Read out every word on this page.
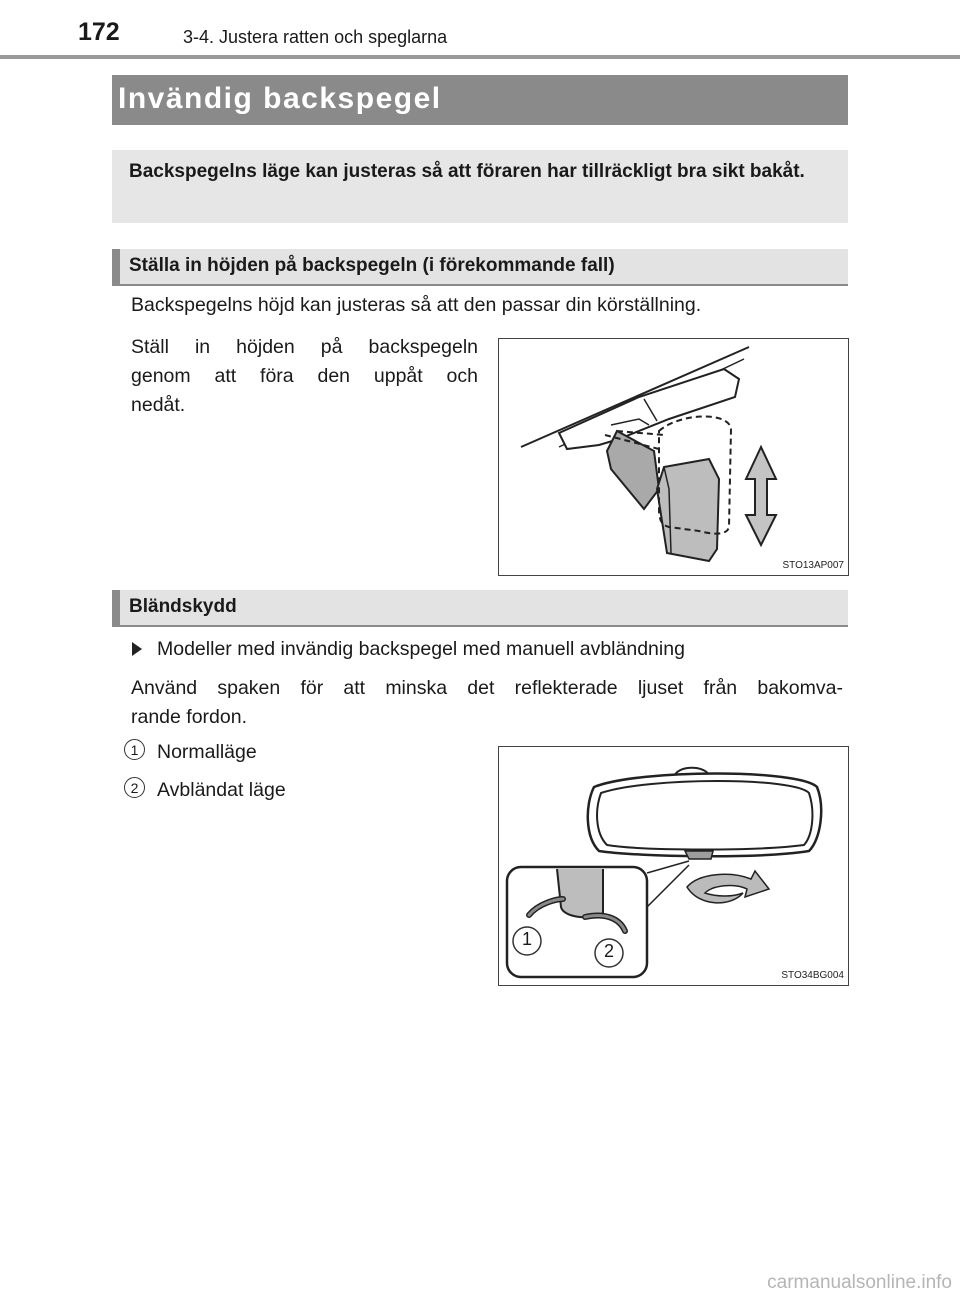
172	3-4. Justera ratten och speglarna
Invändig backspegel
Backspegelns läge kan justeras så att föraren har tillräckligt bra sikt bakåt.
Ställa in höjden på backspegeln (i förekommande fall)
Backspegelns höjd kan justeras så att den passar din körställning.
Ställ in höjden på backspegeln
genom att föra den uppåt och
nedåt.
STO13AP007
Bländskydd
Modeller med invändig backspegel med manuell avbländning
Använd spaken för att minska det reflekterade ljuset från bakomva-
rande fordon.
1 Normalläge
2 Avbländat läge
1
2
STO34BG004
carmanualsonline.info
